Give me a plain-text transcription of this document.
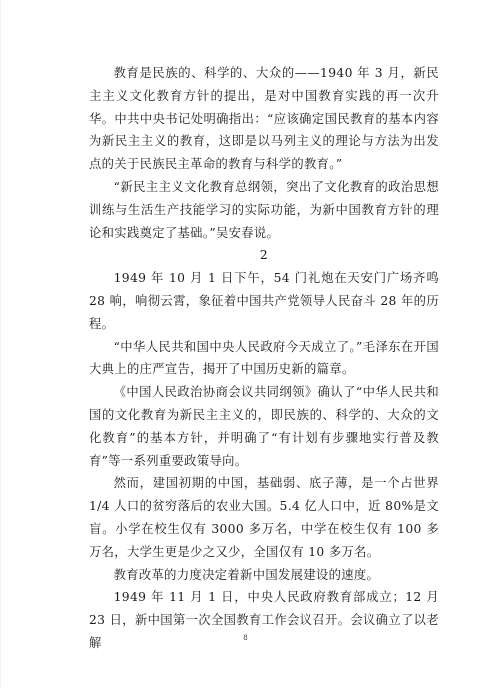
教育是民族的、科学的、大众的——1940 年 3 月，新民主主义文化教育方针的提出，是对中国教育实践的再一次升华。中共中央书记处明确指出：“应该确定国民教育的基本内容为新民主主义的教育，这即是以马列主义的理论与方法为出发点的关于民族民主革命的教育与科学的教育。”

“新民主主义文化教育总纲领，突出了文化教育的政治思想训练与生活生产技能学习的实际功能，为新中国教育方针的理论和实践奠定了基础。”吴安春说。

2

1949 年 10 月 1 日下午，54 门礼炮在天安门广场齐鸣 28 响，响彻云霄，象征着中国共产党领导人民奋斗 28 年的历程。

“中华人民共和国中央人民政府今天成立了。”毛泽东在开国大典上的庄严宣告，揭开了中国历史新的篇章。

《中国人民政治协商会议共同纲领》确认了“中华人民共和国的文化教育为新民主主义的，即民族的、科学的、大众的文化教育”的基本方针，并明确了“有计划有步骤地实行普及教育”等一系列重要政策导向。

然而，建国初期的中国，基础弱、底子薄，是一个占世界 1/4 人口的贫穷落后的农业大国。5.4 亿人口中，近 80%是文盲。小学在校生仅有 3000 多万名，中学在校生仅有 100 多万名，大学生更是少之又少，全国仅有 10 多万名。

教育改革的力度决定着新中国发展建设的速度。

1949 年 11 月 1 日，中央人民政府教育部成立；12 月 23 日，新中国第一次全国教育工作会议召开。会议确立了以老解	8
